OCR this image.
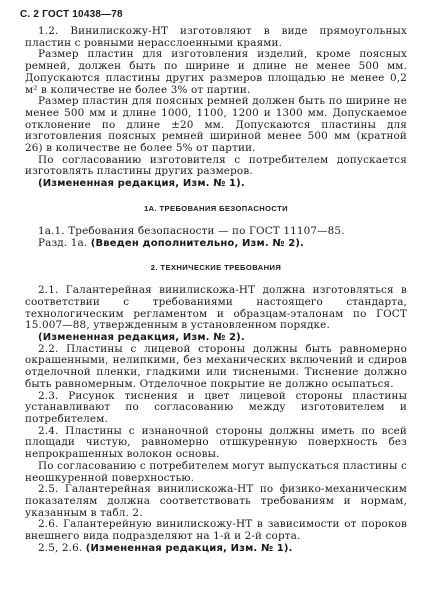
С. 2 ГОСТ 10438—78

1.2. Винилискожу-НТ изготовляют в виде прямоугольных пластин с ровными нерасслоенными краями.

Размер пластин для изготовления изделий, кроме поясных ремней, должен быть по ширине и длине не менее 500 мм. Допускаются пластины других размеров площадью не менее 0,2 м² в количестве не более 3% от партии.

Размер пластин для поясных ремней должен быть по ширине не менее 500 мм и длине 1000, 1100, 1200 и 1300 мм. Допускаемое отклонение по длине ±20 мм. Допускаются пластины для изготовления поясных ремней шириной менее 500 мм (кратной 26) в количестве не более 5% от партии.

По согласованию изготовителя с потребителем допускается изготовлять пластины других размеров.

(Измененная редакция, Изм. № 1).

1А. ТРЕБОВАНИЯ БЕЗОПАСНОСТИ

1а.1. Требования безопасности — по ГОСТ 11107—85.

Разд. 1а. (Введен дополнительно, Изм. № 2).

2. ТЕХНИЧЕСКИЕ ТРЕБОВАНИЯ

2.1. Галантерейная винилискожа-НТ должна изготовляться в соответствии с требованиями настоящего стандарта, технологическим регламентом и образцам-эталонам по ГОСТ 15.007—88, утвержденным в установленном порядке.

(Измененная редакция, Изм. № 2).

2.2. Пластины с лицевой стороны должны быть равномерно окрашенными, нелипкими, без механических включений и сдиров отделочной пленки, гладкими или тиснеными. Тиснение должно быть равномерным. Отделочное покрытие не должно осыпаться.

2.3. Рисунок тиснения и цвет лицевой стороны пластины устанавливают по согласованию между изготовителем и потребителем.

2.4. Пластины с изнаночной стороны должны иметь по всей площади чистую, равномерно отшкуренную поверхность без непрокрашенных волокон основы.

По согласованию с потребителем могут выпускаться пластины с неошкуренной поверхностью.

2.5. Галантерейная винилискожа-НТ по физико-механическим показателям должна соответствовать требованиям и нормам, указанным в табл. 2.

2.6. Галантерейную винилискожу-НТ в зависимости от пороков внешнего вида подразделяют на 1-й и 2-й сорта.

2.5, 2.6. (Измененная редакция, Изм. № 1).
